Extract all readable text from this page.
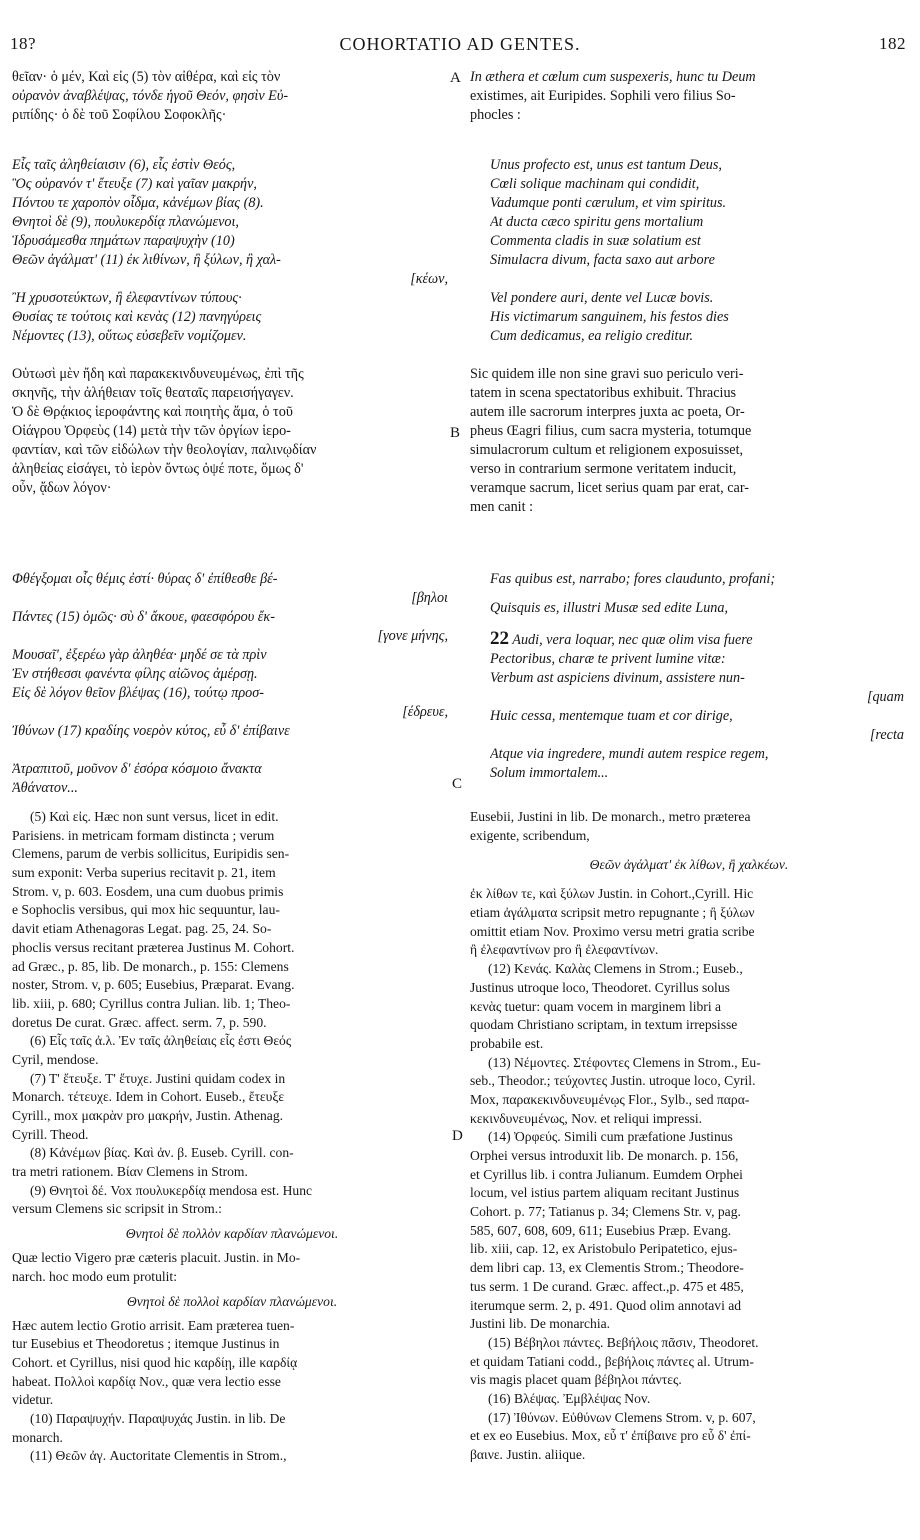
18?	COHORTATIO AD GENTES.	182
A
B
C
D
θεῖαν· ὁ μέν, Καὶ εἰς (5) τὸν αἰθέρα, καὶ εἰς τὸν
οὐρανὸν ἀναβλέψας, τόνδε ἡγοῦ Θεόν, φησὶν Εὐ-
ριπίδης· ὁ δὲ τοῦ Σοφίλου Σοφοκλῆς·
Εἷς ταῖς ἀληθείαισιν (6), εἷς ἐστὶν Θεός,
Ὃς οὐρανόν τ' ἔτευξε (7) καὶ γαῖαν μακρήν,
Πόντου τε χαροπὸν οἶδμα, κἀνέμων βίας (8).
Θνητοὶ δὲ (9), πουλυκερδίᾳ πλανώμενοι,
Ἱδρυσάμεσθα πημάτων παραψυχὴν (10)
Θεῶν ἀγάλματ' (11) ἐκ λιθίνων, ἢ ξύλων, ἢ χαλ-
[κέων,
Ἢ χρυσοτεύκτων, ἢ ἐλεφαντίνων τύπους·
Θυσίας τε τούτοις καὶ κενὰς (12) πανηγύρεις
Νέμοντες (13), οὕτως εὐσεβεῖν νομίζομεν.
Οὑτωσὶ μὲν ἤδη καὶ παρακεκινδυνευμένως, ἐπὶ τῆς
σκηνῆς, τὴν ἀλήθειαν τοῖς θεαταῖς παρεισήγαγεν.
Ὁ δὲ Θρᾴκιος ἱεροφάντης καὶ ποιητὴς ἅμα, ὁ τοῦ
Οἰάγρου Ὀρφεὺς (14) μετὰ τὴν τῶν ὀργίων ἱερο-
φαντίαν, καὶ τῶν εἰδώλων τὴν θεολογίαν, παλινῳδίαν
ἀληθείας εἰσάγει, τὸ ἱερὸν ὄντως ὀψέ ποτε, ὅμως δ'
οὖν, ᾄδων λόγον·
Φθέγξομαι οἷς θέμις ἐστί· θύρας δ' ἐπίθεσθε βέ-
[βηλοι
Πάντες (15) ὁμῶς· σὺ δ' ἄκουε, φαεσφόρου ἔκ-
[γονε μήνης,
Μουσαῖ', ἐξερέω γὰρ ἀληθέα· μηδέ σε τὰ πρὶν
Ἐν στήθεσσι φανέντα φίλης αἰῶνος ἀμέρσῃ.
Εἰς δὲ λόγον θεῖον βλέψας (16), τούτῳ προσ-
[έδρευε,
Ἰθύνων (17) κραδίης νοερὸν κύτος, εὖ δ' ἐπίβαινε
Ἀτραπιτοῦ, μοῦνον δ' ἐσόρα κόσμοιο ἄνακτα
Ἀθάνατον...
(5) Καὶ εἰς. Hæc non sunt versus, licet in edit.
Parisiens. in metricam formam distincta ; verum
Clemens, parum de verbis sollicitus, Euripidis sen-
sum exponit: Verba superius recitavit p. 21, item
Strom. v, p. 603. Eosdem, una cum duobus primis
e Sophoclis versibus, qui mox hic sequuntur, lau-
davit etiam Athenagoras Legat. pag. 25, 24. So-
phoclis versus recitant præterea Justinus M. Cohort.
ad Græc., p. 85, lib. De monarch., p. 155: Clemens
noster, Strom. v, p. 605; Eusebius, Præparat. Evang.
lib. xiii, p. 680; Cyrillus contra Julian. lib. 1; Theo-
doretus De curat. Græc. affect. serm. 7, p. 590.
(6) Εἷς ταῖς ἀ.λ. Ἐν ταῖς ἀληθείαις εἷς ἐστι Θεός
Cyril, mendose.
(7) Τ' ἔτευξε. Τ' ἔτυχε. Justini quidam codex in
Monarch. τέτευχε. Idem in Cohort. Euseb., ἔτευξε
Cyrill., mox μακρὰν pro μακρήν, Justin. Athenag.
Cyrill. Theod.
(8) Κἀνέμων βίας. Καὶ ἀν. β. Euseb. Cyrill. con-
tra metri rationem. Βίαν Clemens in Strom.
(9) Θνητοὶ δέ. Vox πουλυκερδίᾳ mendosa est. Hunc
versum Clemens sic scripsit in Strom.:
Θνητοὶ δὲ πολλὸν καρδίαν πλανώμενοι.
Quæ lectio Vigero præ cæteris placuit. Justin. in Mo-
narch. hoc modo eum protulit:
Θνητοὶ δὲ πολλοὶ καρδίαν πλανώμενοι.
Hæc autem lectio Grotio arrisit. Eam præterea tuen-
tur Eusebius et Theodoretus ; itemque Justinus in
Cohort. et Cyrillus, nisi quod hic καρδίῃ, ille καρδίᾳ
habeat. Πολλοὶ καρδίᾳ Nov., quæ vera lectio esse
videtur.
(10) Παραψυχήν. Παραψυχάς Justin. in lib. De
monarch.
(11) Θεῶν ἀγ. Auctoritate Clementis in Strom.,
In æthera et cœlum cum suspexeris, hunc tu Deum
existimes, ait Euripides. Sophili vero filius So-
phocles :
Unus profecto est, unus est tantum Deus,
Cœli solique machinam qui condidit,
Vadumque ponti cærulum, et vim spiritus.
At ducta cæco spiritu gens mortalium
Commenta cladis in suæ solatium est
Simulacra divum, facta saxo aut arbore
Vel pondere auri, dente vel Lucæ bovis.
His victimarum sanguinem, his festos dies
Cum dedicamus, ea religio creditur.
Sic quidem ille non sine gravi suo periculo veri-
tatem in scena spectatoribus exhibuit. Thracius
autem ille sacrorum interpres juxta ac poeta, Or-
pheus Œagri filius, cum sacra mysteria, totumque
simulacrorum cultum et religionem exposuisset,
verso in contrarium sermone veritatem inducit,
veramque sacrum, licet serius quam par erat, car-
men canit :
Fas quibus est, narrabo; fores claudunto, profani;
Quisquis es, illustri Musæ sed edite Luna,
22 Audi, vera loquar, nec quæ olim visa fuere
Pectoribus, charæ te privent lumine vitæ:
Verbum ast aspiciens divinum, assistere nun-
[quam
Huic cessa, mentemque tuam et cor dirige,
[recta
Atque via ingredere, mundi autem respice regem,
Solum immortalem...
Eusebii, Justini in lib. De monarch., metro præterea
exigente, scribendum,
Θεῶν ἀγάλματ' ἐκ λίθων, ἢ χαλκέων.
ἐκ λίθων τε, καὶ ξύλων Justin. in Cohort.,Cyrill. Hic
etiam ἀγάλματα scripsit metro repugnante ; ἢ ξύλων
omittit etiam Nov. Proximo versu metri gratia scribe
ἢ ἐλεφαντίνων pro ἢ ἐλεφαντίνων.
(12) Κενάς. Καλὰς Clemens in Strom.; Euseb.,
Justinus utroque loco, Theodoret. Cyrillus solus
κενὰς tuetur: quam vocem in marginem libri a
quodam Christiano scriptam, in textum irrepsisse
probabile est.
(13) Νέμοντες. Στέφοντες Clemens in Strom., Eu-
seb., Theodor.; τεύχοντες Justin. utroque loco, Cyril.
Mox, παρακεκινδυνευμένῳς Flor., Sylb., sed παρα-
κεκινδυνευμένως, Nov. et reliqui impressi.
(14) Ὀρφεύς. Simili cum præfatione Justinus
Orphei versus introduxit lib. De monarch. p. 156,
et Cyrillus lib. i contra Julianum. Eumdem Orphei
locum, vel istius partem aliquam recitant Justinus
Cohort. p. 77; Tatianus p. 34; Clemens Str. v, pag.
585, 607, 608, 609, 611; Eusebius Præp. Evang.
lib. xiii, cap. 12, ex Aristobulo Peripatetico, ejus-
dem libri cap. 13, ex Clementis Strom.; Theodore-
tus serm. 1 De curand. Græc. affect.,p. 475 et 485,
iterumque serm. 2, p. 491. Quod olim annotavi ad
Justini lib. De monarchia.
(15) Βέβηλοι πάντες. Βεβήλοις πᾶσιν, Theodoret.
et quidam Tatiani codd., βεβήλοις πάντες al. Utrum-
vis magis placet quam βέβηλοι πάντες.
(16) Βλέψας. Ἐμβλέψας Nov.
(17) Ἰθύνων. Εὐθύνων Clemens Strom. v, p. 607,
et ex eo Eusebius. Mox, εὖ τ' ἐπίβαινε pro εὖ δ' ἐπί-
βαινε. Justin. aliique.
